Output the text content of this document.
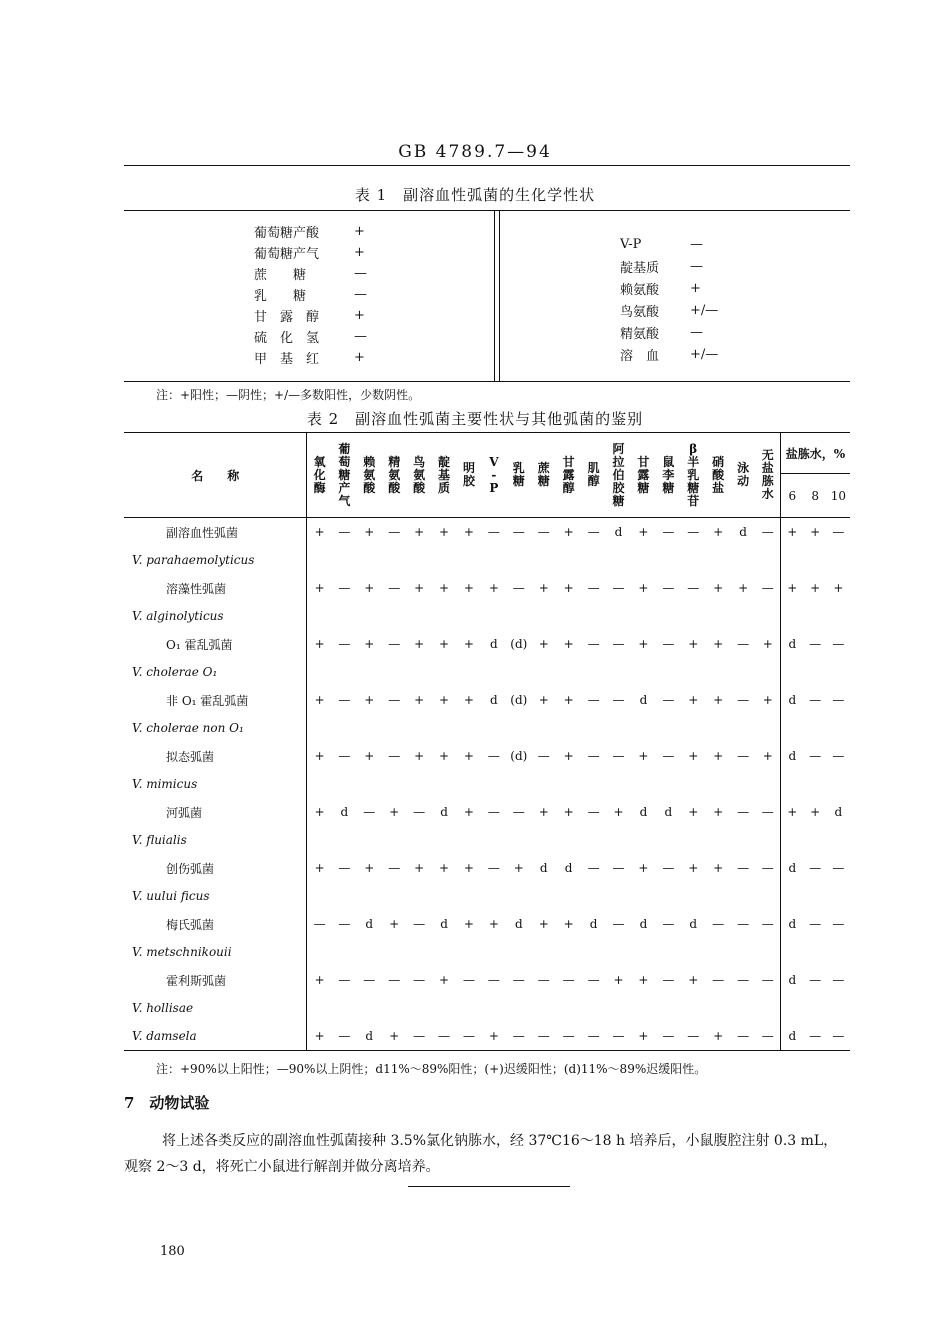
GB 4789.7—94
表 1　副溶血性弧菌的生化学性状
葡萄糖产酸	+
葡萄糖产气	+
蔗　　糖	—
乳　　糖	—
甘　露　醇	+
硫　化　氢	—
甲　基　红	+
V-P	—
靛基质	—
赖氨酸	+
鸟氨酸	+/—
精氨酸	—
溶　血	+/—
注：+阳性；—阴性；+/—多数阳性，少数阴性。
表 2　副溶血性弧菌主要性状与其他弧菌的鉴别
名　　称	氧
化
酶	葡
萄
糖
产
气	赖
氨
酸	精
氨
酸	鸟
氨
酸	靛
基
质	明
胶	V
-
P	乳
糖	蔗
糖	甘
露
醇	肌
醇	阿
拉
伯
胶
糖	甘
露
糖	鼠
李
糖	β
半
乳
糖
苷	硝
酸
盐	泳
动	无
盐
胨
水	盐胨水，%		
																				6	8	10
副溶血性弧菌	+	—	+	—	+	+	+	—	—	—	+	—	d	+	—	—	+	d	—	+	+	—
V. parahaemolyticus																						
溶藻性弧菌	+	—	+	—	+	+	+	+	—	+	+	—	—	+	—	—	+	+	—	+	+	+
V. alginolyticus																						
O₁ 霍乱弧菌	+	—	+	—	+	+	+	d	(d)	+	+	—	—	+	—	+	+	—	+	d	—	—
V. cholerae O₁																						
非 O₁ 霍乱弧菌	+	—	+	—	+	+	+	d	(d)	+	+	—	—	d	—	+	+	—	+	d	—	—
V. cholerae non O₁																						
拟态弧菌	+	—	+	—	+	+	+	—	(d)	—	+	—	—	+	—	+	+	—	+	d	—	—
V. mimicus																						
河弧菌	+	d	—	+	—	d	+	—	—	+	+	—	+	d	d	+	+	—	—	+	+	d
V. fluialis																						
创伤弧菌	+	—	+	—	+	+	+	—	+	d	d	—	—	+	—	+	+	—	—	d	—	—
V. uului ficus																						
梅氏弧菌	—	—	d	+	—	d	+	+	d	+	+	d	—	d	—	d	—	—	—	d	—	—
V. metschnikouii																						
霍利斯弧菌	+	—	—	—	—	+	—	—	—	—	—	—	+	+	—	+	—	—	—	d	—	—
V. hollisae																						
V. damsela	+	—	d	+	—	—	—	+	—	—	—	—	—	+	—	—	+	—	—	d	—	—
注：+90%以上阳性；—90%以上阴性；d11%～89%阳性；(+)迟缓阳性；(d)11%～89%迟缓阳性。
7　动物试验
将上述各类反应的副溶血性弧菌接种 3.5%氯化钠胨水，经 37℃16～18 h 培养后，小鼠腹腔注射 0.3 mL，观察 2～3 d，将死亡小鼠进行解剖并做分离培养。
180
